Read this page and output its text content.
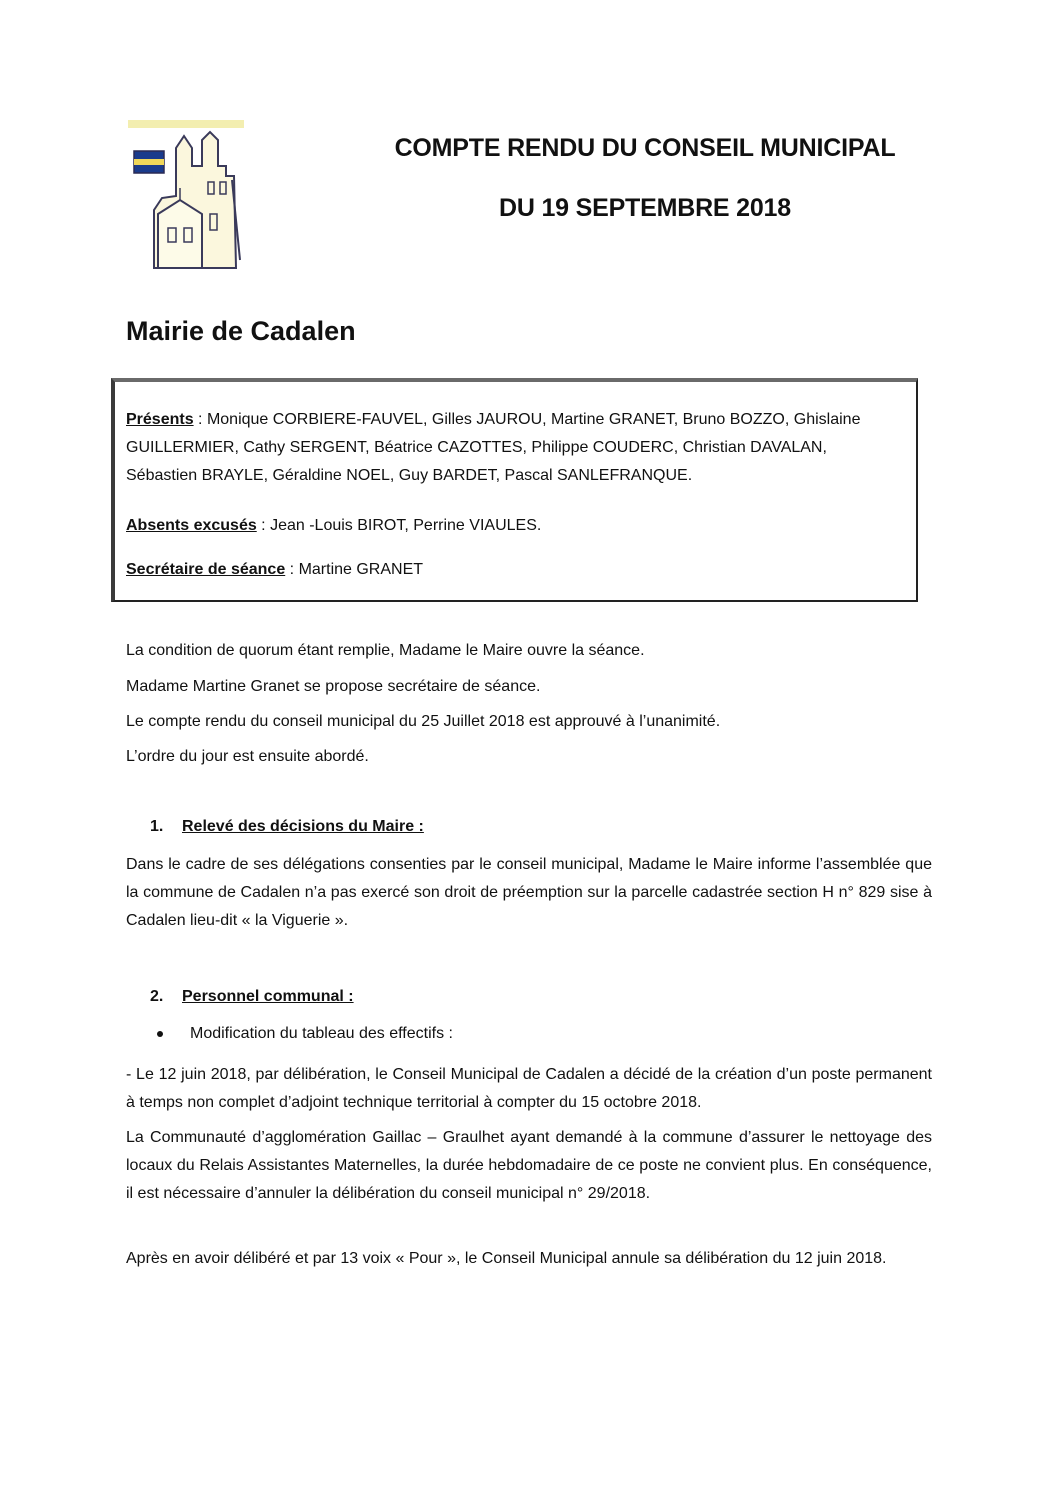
COMPTE RENDU DU CONSEIL MUNICIPAL
DU 19 SEPTEMBRE 2018
Mairie de Cadalen

Présents : Monique CORBIERE-FAUVEL, Gilles JAUROU, Martine GRANET, Bruno BOZZO, Ghislaine GUILLERMIER, Cathy SERGENT, Béatrice CAZOTTES, Philippe COUDERC, Christian DAVALAN, Sébastien BRAYLE, Géraldine NOEL, Guy BARDET, Pascal SANLEFRANQUE.

Absents excusés : Jean -Louis BIROT, Perrine VIAULES.

Secrétaire de séance : Martine GRANET

La condition de quorum étant remplie, Madame le Maire ouvre la séance.

Madame Martine Granet se propose secrétaire de séance.

Le compte rendu du conseil municipal du 25 Juillet 2018 est approuvé à l’unanimité.

L’ordre du jour est ensuite abordé.

1. Relevé des décisions du Maire :

Dans le cadre de ses délégations consenties par le conseil municipal, Madame le Maire informe l’assemblée que la commune de Cadalen n’a pas exercé son droit de préemption sur la parcelle cadastrée section H n° 829 sise à Cadalen lieu-dit « la Viguerie ».

2. Personnel communal :

Modification du tableau des effectifs :

- Le 12 juin 2018, par délibération, le Conseil Municipal de Cadalen a décidé de la création d’un poste permanent à temps non complet d’adjoint technique territorial à compter du 15 octobre 2018.

La Communauté d’agglomération Gaillac – Graulhet ayant demandé à la commune d’assurer le nettoyage des locaux du Relais Assistantes Maternelles, la durée hebdomadaire de ce poste ne convient plus. En conséquence, il est nécessaire d’annuler la délibération du conseil municipal n° 29/2018.

Après en avoir délibéré et par 13 voix « Pour », le Conseil Municipal annule sa délibération du 12 juin 2018.
